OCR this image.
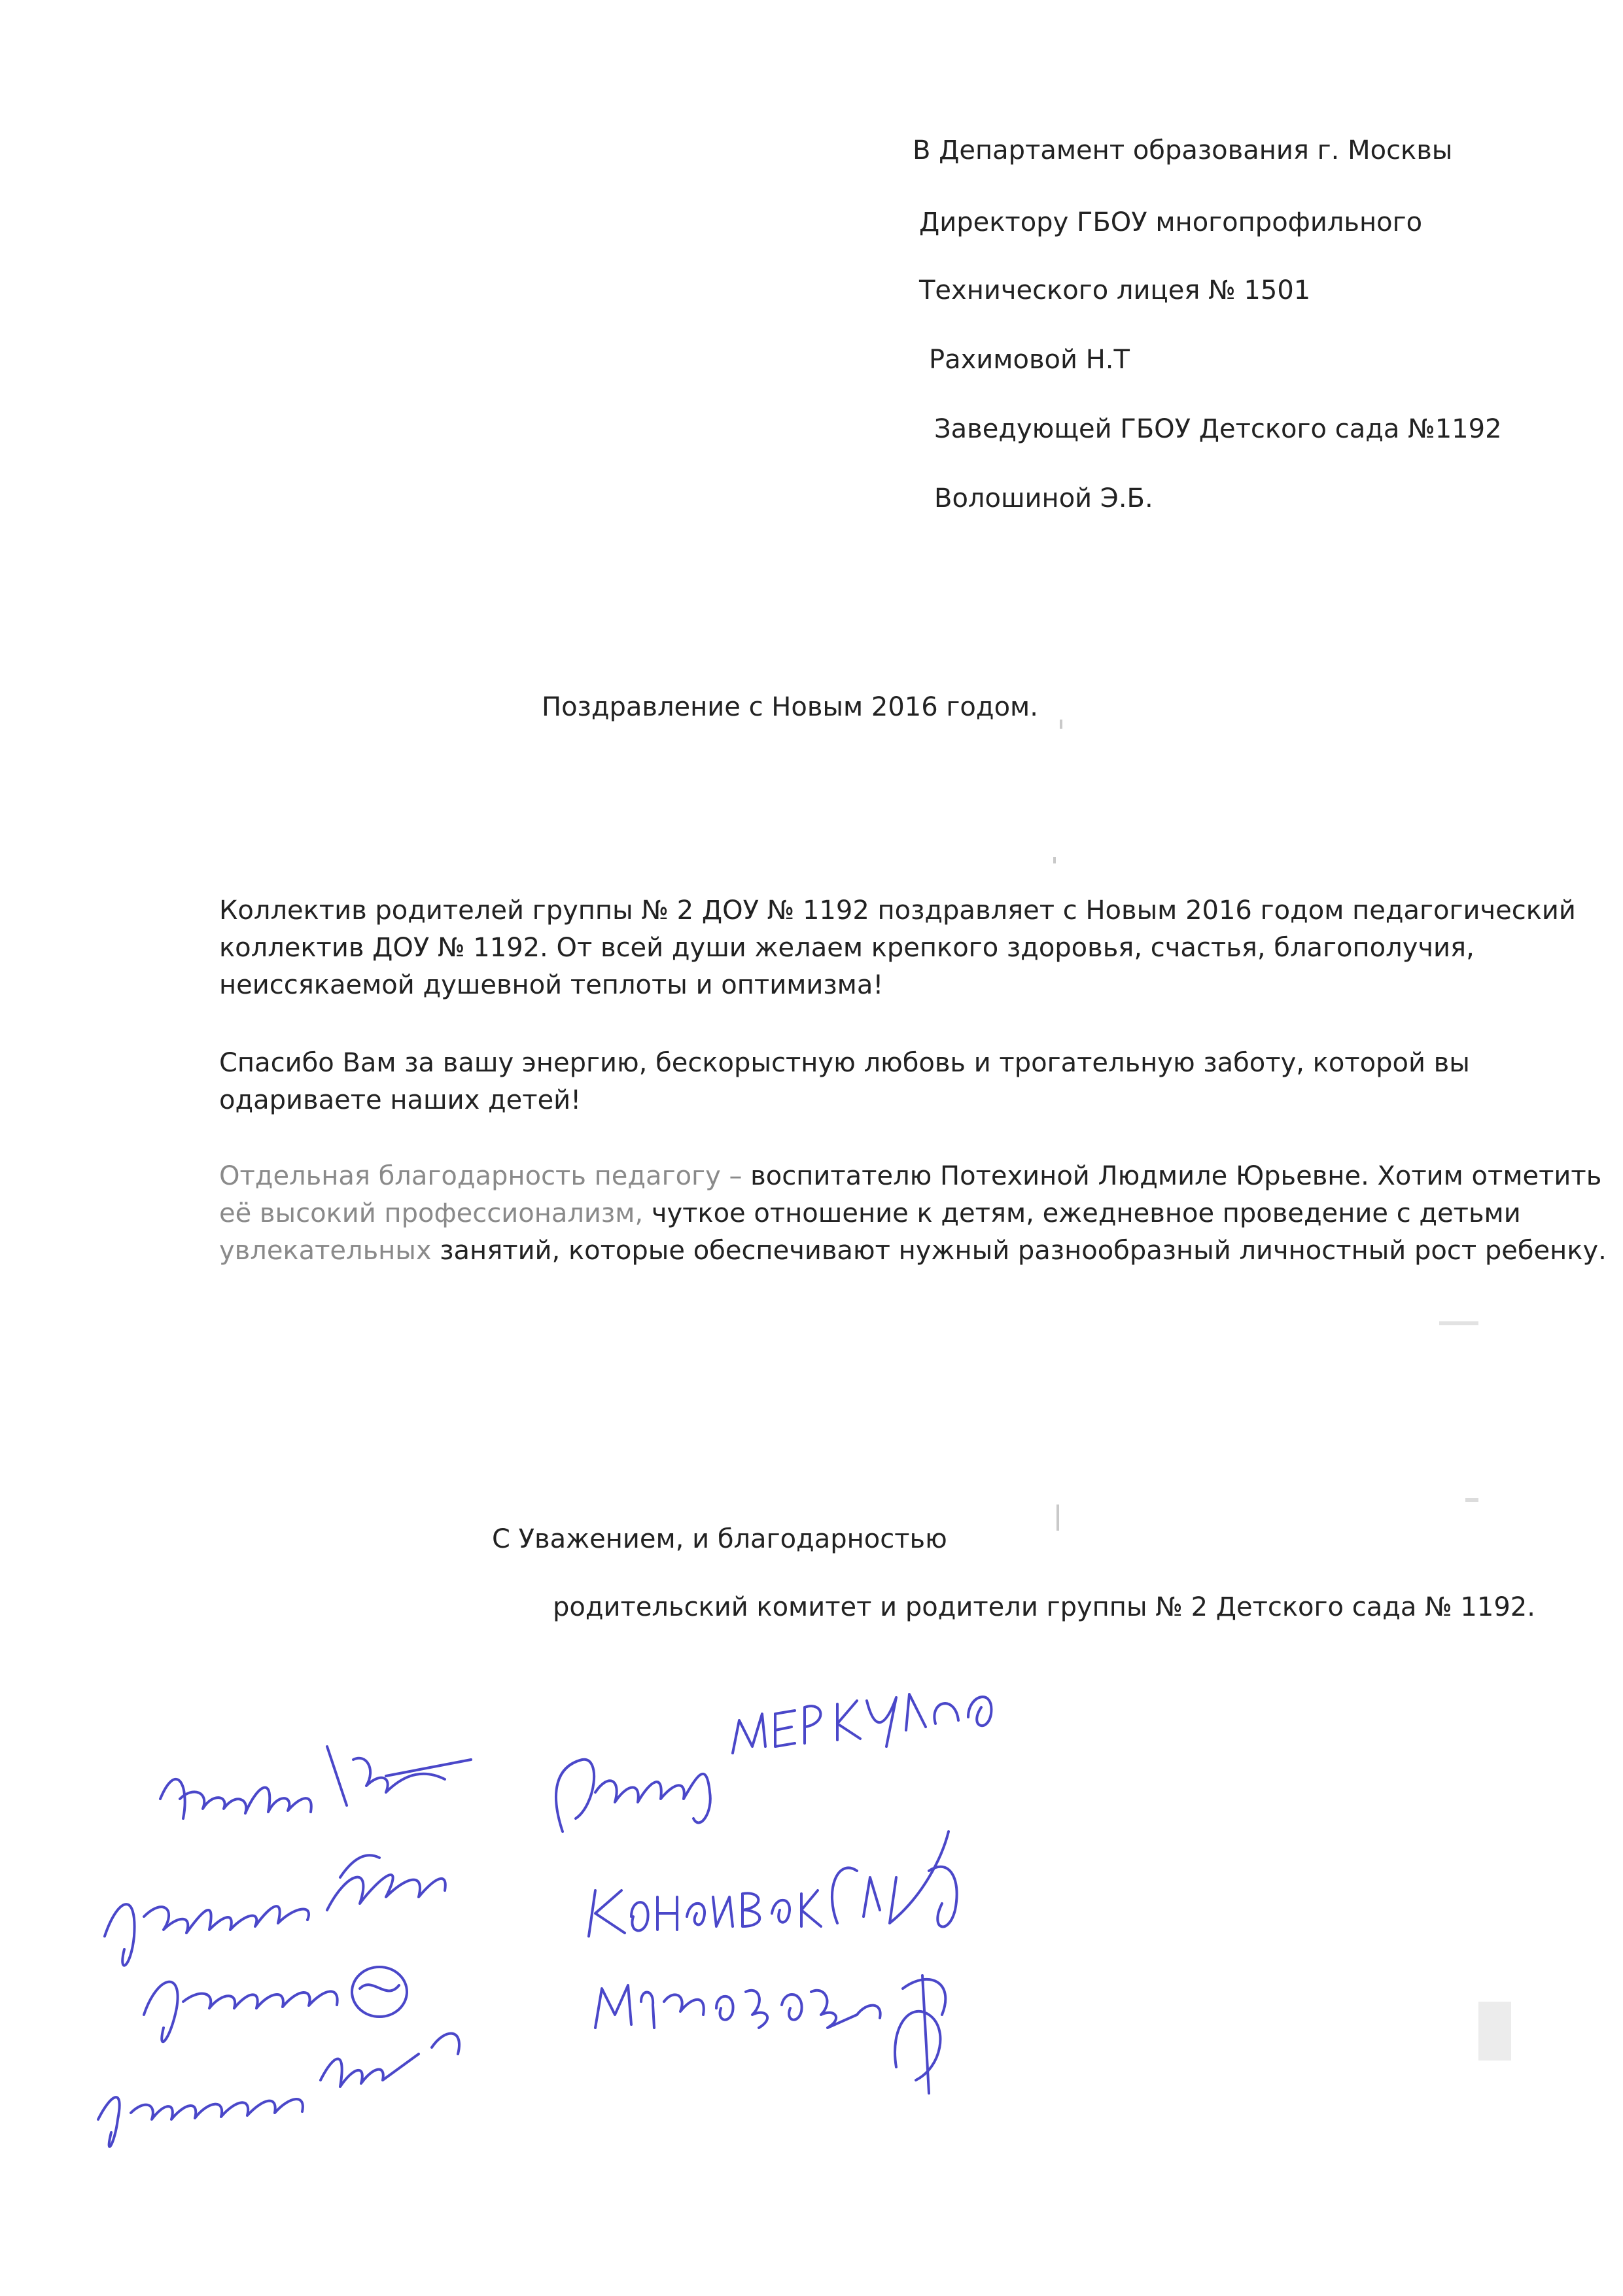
В Департамент образования г. Москвы
Директору ГБОУ многопрофильного
Технического лицея № 1501
Рахимовой Н.Т
Заведующей ГБОУ Детского сада №1192
Волошиной Э.Б.
Поздравление с Новым 2016 годом.
Коллектив родителей группы № 2 ДОУ № 1192 поздравляет с Новым 2016 годом педагогический
коллектив ДОУ № 1192. От всей души желаем крепкого здоровья, счастья, благополучия,
неиссякаемой душевной теплоты и оптимизма!
Спасибо Вам за вашу энергию, бескорыстную любовь и трогательную заботу, которой вы
одариваете наших детей!
Отдельная благодарность педагогу – воспитателю Потехиной Людмиле Юрьевне. Хотим отметить
её высокий профессионализм, чуткое отношение к детям, ежедневное проведение с детьми
увлекательных занятий, которые обеспечивают нужный разнообразный личностный рост ребенку.
С Уважением, и благодарностью
родительский комитет и родители группы № 2 Детского сада № 1192.
